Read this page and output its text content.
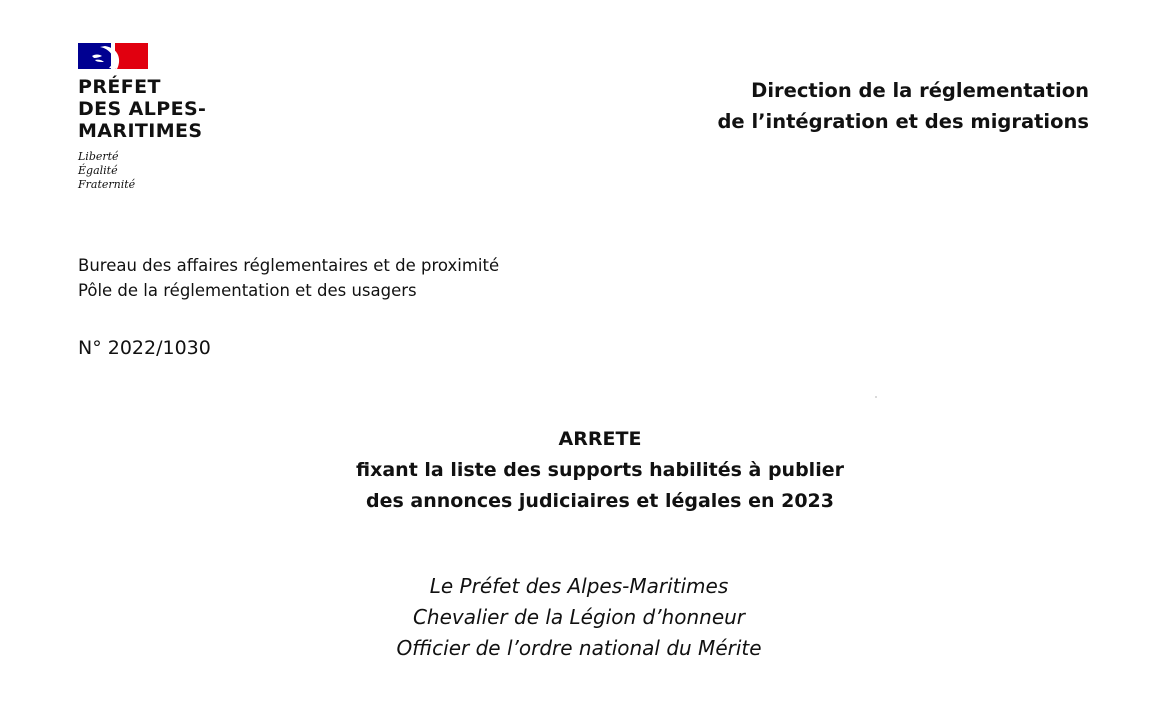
PRÉFET
DES ALPES-
MARITIMES
Liberté
Égalité
Fraternité
Direction de la réglementation
de l’intégration et des migrations
Bureau des affaires réglementaires et de proximité
Pôle de la réglementation et des usagers
N° 2022/1030
ARRETE
fixant la liste des supports habilités à publier
des annonces judiciaires et légales en 2023
Le Préfet des Alpes-Maritimes
Chevalier de la Légion d’honneur
Officier de l’ordre national du Mérite
